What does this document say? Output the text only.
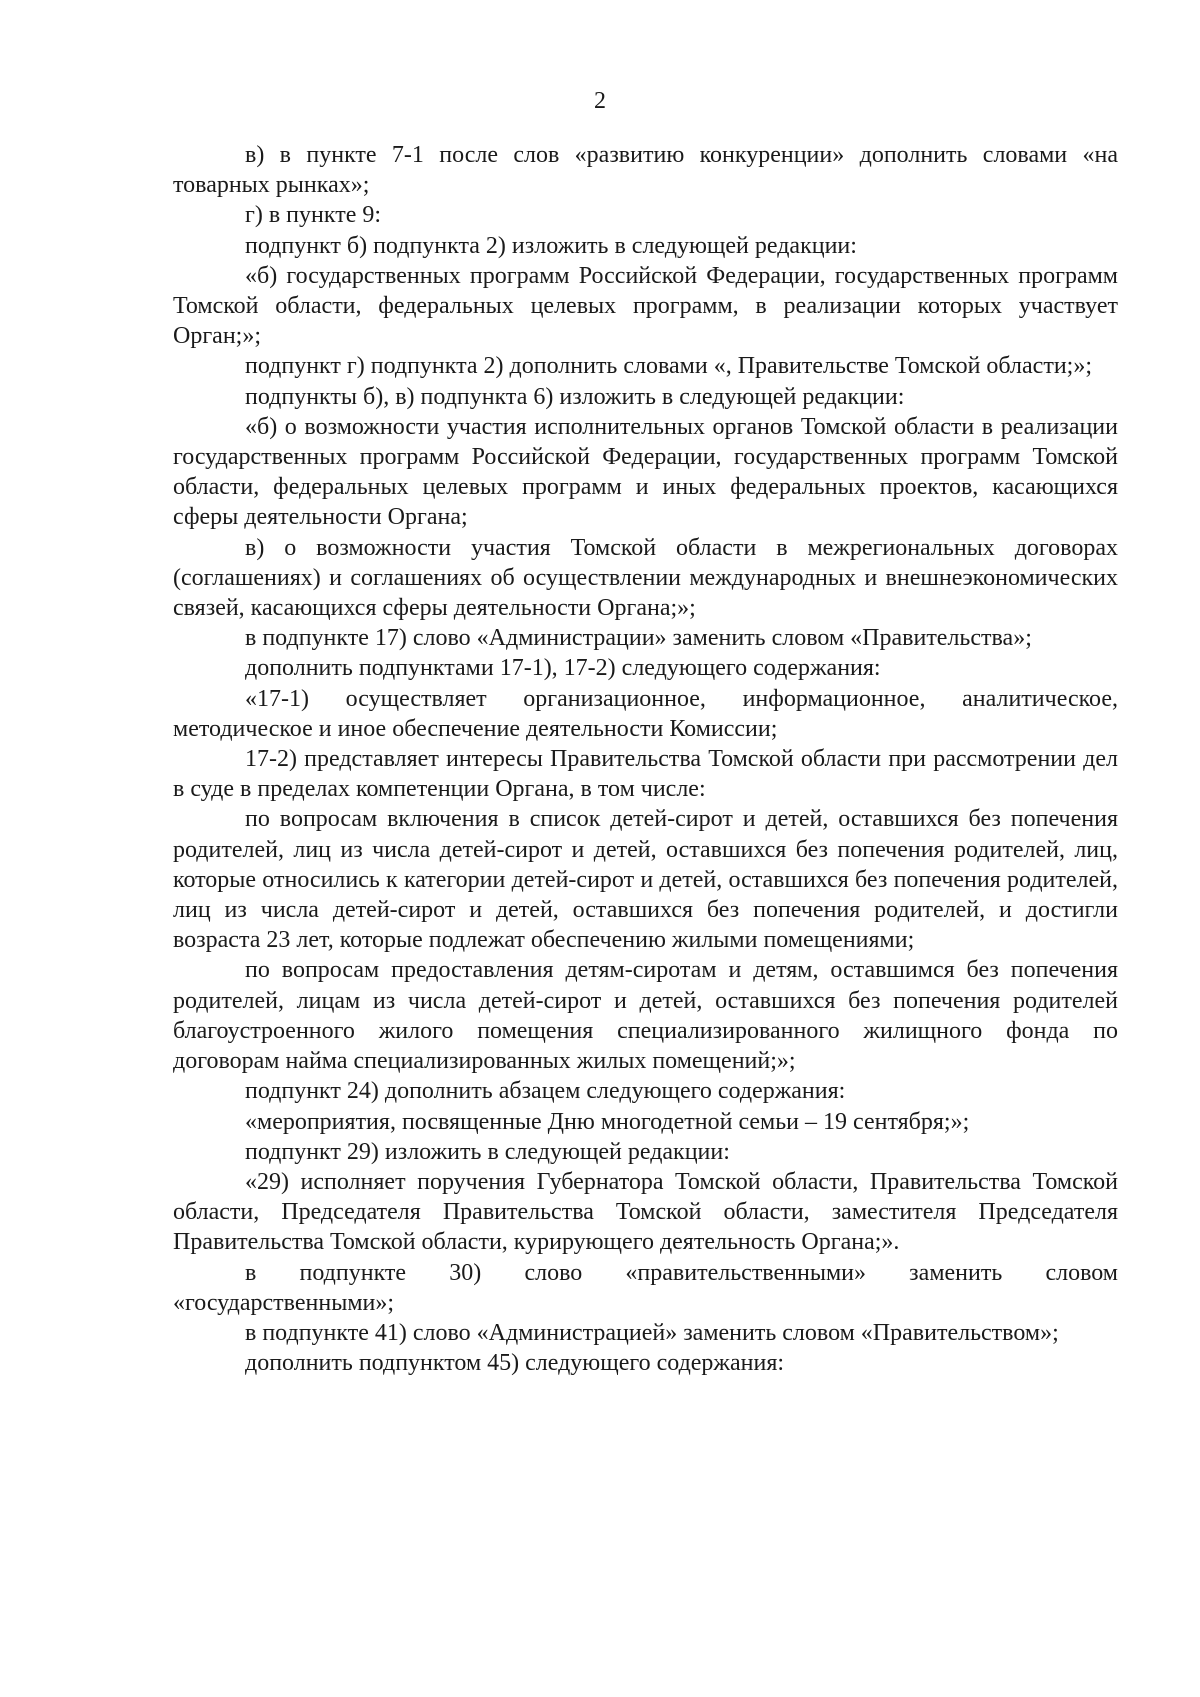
2

в) в пункте 7-1 после слов «развитию конкуренции» дополнить словами «на товарных рынках»;

г) в пункте 9:

подпункт б) подпункта 2) изложить в следующей редакции:

«б) государственных программ Российской Федерации, государственных программ Томской области, федеральных целевых программ, в реализации которых участвует Орган;»;

подпункт г) подпункта 2) дополнить словами «, Правительстве Томской области;»;

подпункты б), в) подпункта 6) изложить в следующей редакции:

«б) о возможности участия исполнительных органов Томской области в реализации государственных программ Российской Федерации, государственных программ Томской области, федеральных целевых программ и иных федеральных проектов, касающихся сферы деятельности Органа;

в) о возможности участия Томской области в межрегиональных договорах (соглашениях) и соглашениях об осуществлении международных и внешнеэкономических связей, касающихся сферы деятельности Органа;»;

в подпункте 17) слово «Администрации» заменить словом «Правительства»;

дополнить подпунктами 17-1), 17-2) следующего содержания:

«17-1) осуществляет организационное, информационное, аналитическое, методическое и иное обеспечение деятельности Комиссии;

17-2) представляет интересы Правительства Томской области при рассмотрении дел в суде в пределах компетенции Органа, в том числе:

по вопросам включения в список детей-сирот и детей, оставшихся без попечения родителей, лиц из числа детей-сирот и детей, оставшихся без попечения родителей, лиц, которые относились к категории детей-сирот и детей, оставшихся без попечения родителей, лиц из числа детей-сирот и детей, оставшихся без попечения родителей, и достигли возраста 23 лет, которые подлежат обеспечению жилыми помещениями;

по вопросам предоставления детям-сиротам и детям, оставшимся без попечения родителей, лицам из числа детей-сирот и детей, оставшихся без попечения родителей благоустроенного жилого помещения специализированного жилищного фонда по договорам найма специализированных жилых помещений;»;

подпункт 24) дополнить абзацем следующего содержания:

«мероприятия, посвященные Дню многодетной семьи – 19 сентября;»;

подпункт 29) изложить в следующей редакции:

«29) исполняет поручения Губернатора Томской области, Правительства Томской области, Председателя Правительства Томской области, заместителя Председателя Правительства Томской области, курирующего деятельность Органа;».

в подпункте 30) слово «правительственными» заменить словом «государственными»;

в подпункте 41) слово «Администрацией» заменить словом «Правительством»;

дополнить подпунктом 45) следующего содержания:
